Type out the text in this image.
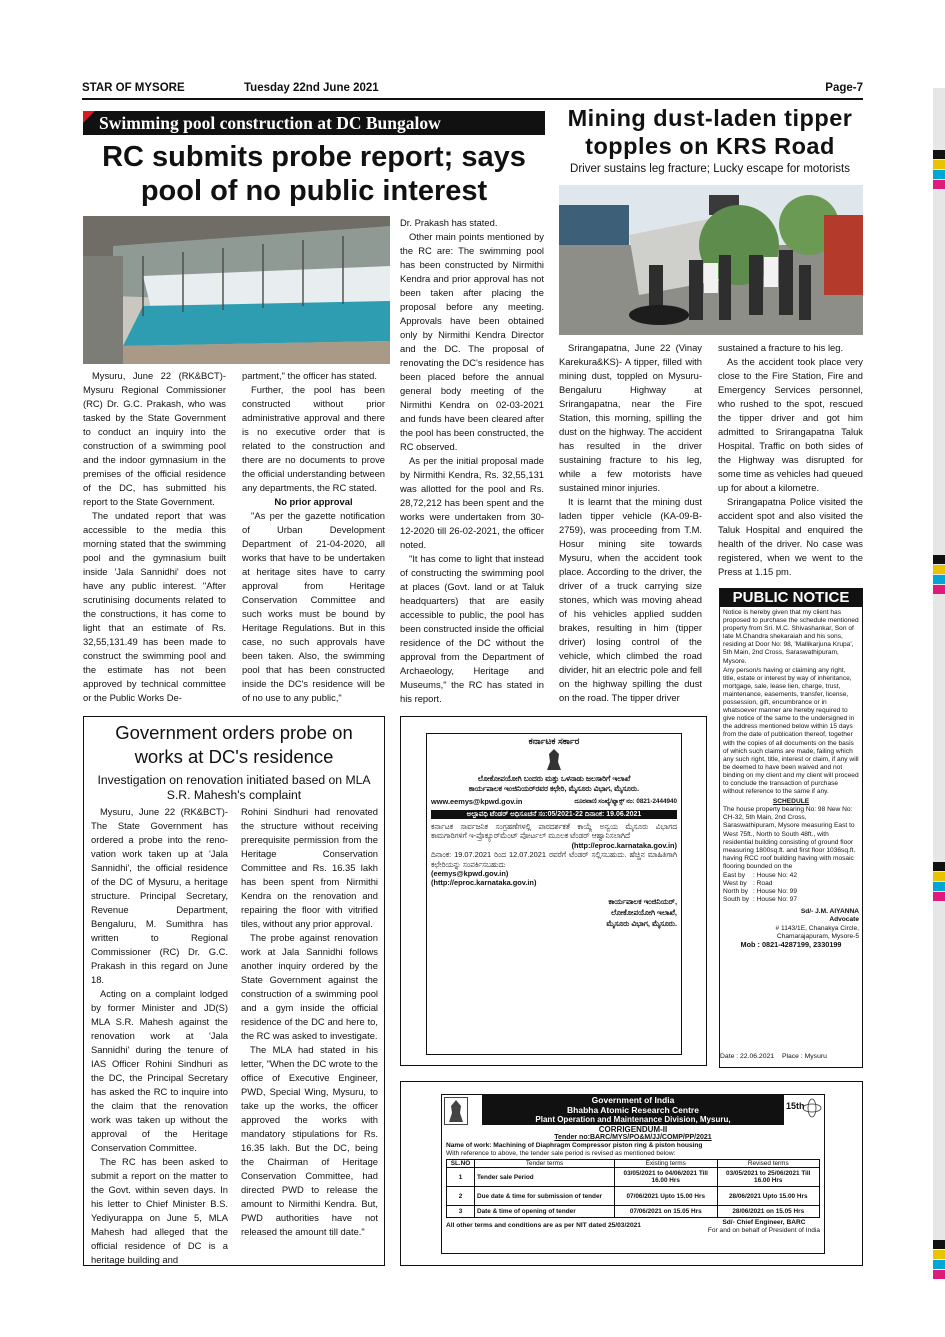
STAR OF MYSORE	Tuesday 22nd June 2021	Page-7
Swimming pool construction at DC Bungalow
RC submits probe report; says pool of no public interest

Mysuru, June 22 (RK&BCT)- Mysuru Regional Commissioner (RC) Dr. G.C. Prakash, who was tasked by the State Government to conduct an inquiry into the construction of a swimming pool and the indoor gymnasium in the premises of the official residence of the DC, has submitted his report to the State Government.

The undated report that was accessible to the media this morning stated that the swimming pool and the gymnasium built inside 'Jala Sannidhi' does not have any public interest. "After scrutinising documents related to the constructions, it has come to light that an estimate of Rs. 32,55,131.49 has been made to construct the swimming pool and the estimate has not been approved by technical committee or the Public Works De-

partment," the officer has stated.

Further, the pool has been constructed without prior administrative approval and there is no executive order that is related to the construction and there are no documents to prove the official understanding between any departments, the RC stated.

No prior approval

"As per the gazette notification of Urban Development Department of 21-04-2020, all works that have to be undertaken at heritage sites have to carry approval from Heritage Conservation Committee and such works must be bound by Heritage Regulations. But in this case, no such approvals have been taken. Also, the swimming pool that has been constructed inside the DC's residence will be of no use to any public,"

Dr. Prakash has stated.

Other main points mentioned by the RC are: The swimming pool has been constructed by Nirmithi Kendra and prior approval has not been taken after placing the proposal before any meeting. Approvals have been obtained only by Nirmithi Kendra Director and the DC. The proposal of renovating the DC's residence has been placed before the annual general body meeting of the Nirmithi Kendra on 02-03-2021 and funds have been cleared after the pool has been constructed, the RC observed.

As per the initial proposal made by Nirmithi Kendra, Rs. 32,55,131 was allotted for the pool and Rs. 28,72,212 has been spent and the works were undertaken from 30-12-2020 till 26-02-2021, the officer noted.

"It has come to light that instead of constructing the swimming pool at places (Govt. land or at Taluk headquarters) that are easily accessible to public, the pool has been constructed inside the official residence of the DC without the approval from the Department of Archaeology, Heritage and Museums," the RC has stated in his report.

Mining dust-laden tipper topples on KRS Road
Driver sustains leg fracture; Lucky escape for motorists

Srirangapatna, June 22 (Vinay Karekura&KS)- A tipper, filled with mining dust, toppled on Mysuru-Bengaluru Highway at Srirangapatna, near the Fire Station, this morning, spilling the dust on the highway. The accident has resulted in the driver sustaining fracture to his leg, while a few motorists have sustained minor injuries.

It is learnt that the mining dust laden tipper vehicle (KA-09-B-2759), was proceeding from T.M. Hosur mining site towards Mysuru, when the accident took place. According to the driver, the driver of a truck carrying size stones, which was moving ahead of his vehicles applied sudden brakes, resulting in him (tipper driver) losing control of the vehicle, which climbed the road divider, hit an electric pole and fell on the highway spilling the dust on the road. The tipper driver

sustained a fracture to his leg.

As the accident took place very close to the Fire Station, Fire and Emergency Services personnel, who rushed to the spot, rescued the tipper driver and got him admitted to Srirangapatna Taluk Hospital. Traffic on both sides of the Highway was disrupted for some time as vehicles had queued up for about a kilometre.

Srirangapatna Police visited the accident spot and also visited the Taluk Hospital and enquired the health of the driver. No case was registered, when we went to the Press at 1.15 pm.

PUBLIC NOTICE

Notice is hereby given that my client has proposed to purchase the schedule mentioned property from Sri. M.C. Shivashankar, Son of late M.Chandra shekaraiah and his sons, residing at Door No: 98, 'Mallikarjuna Krupa', 5th Main, 2nd Cross, Saraswathipuram, Mysore.

Any person/s having or claiming any right, title, estate or interest by way of inheritance, mortgage, sale, lease lien, charge, trust, maintenance, easements, transfer, license, possession, gift, encumbrance or in whatsoever manner are hereby required to give notice of the same to the undersigned in the address mentioned below within 15 days from the date of publication thereof, together with the copies of all documents on the basis of which such claims are made, failing which any such right, title, interest or claim, if any will be deemed to have been waived and not binding on my client and my client will proceed to conclude the transaction of purchase without reference to the same if any.

SCHEDULE

The house property bearing No: 98 New No: CH-32, 5th Main, 2nd Cross, Saraswathipuram, Mysore measuring East to West 75ft., North to South 48ft., with residential building consisting of ground floor measuring 1800sq.ft. and first floor 1036sq.ft. having RCC roof building having with mosaic flooring bounded on the

East by : House No: 42
West by : Road
North by : House No: 99
South by : House No: 97
Sd/- J.M. AIYANNA
Advocate
# 1143/1E, Chanakya Circle,
Chamarajapuram, Mysore-5
Mob : 0821-4287199, 2330199
Date : 22.06.2021 Place : Mysuru
Government orders probe on works at DC's residence
Investigation on renovation initiated based on MLA S.R. Mahesh's complaint

Mysuru, June 22 (RK&BCT)- The State Government has ordered a probe into the reno-vation work taken up at 'Jala Sannidhi', the official residence of the DC of Mysuru, a heritage structure. Principal Secretary, Revenue Department, Bengaluru, M. Sumithra has written to Regional Commissioner (RC) Dr. G.C. Prakash in this regard on June 18.

Acting on a complaint lodged by former Minister and JD(S) MLA S.R. Mahesh against the renovation work at 'Jala Sannidhi' during the tenure of IAS Officer Rohini Sindhuri as the DC, the Principal Secretary has asked the RC to inquire into the claim that the renovation work was taken up without the approval of the Heritage Conservation Committee.

The RC has been asked to submit a report on the matter to the Govt. within seven days. In his letter to Chief Minister B.S. Yediyurappa on June 5, MLA Mahesh had alleged that the official residence of DC is a heritage building and

Rohini Sindhuri had renovated the structure without receiving prerequisite permission from the Heritage Conservation Committee and Rs. 16.35 lakh has been spent from Nirmithi Kendra on the renovation and repairing the floor with vitrified tiles, without any prior approval.

The probe against renovation work at Jala Sannidhi follows another inquiry ordered by the State Government against the construction of a swimming pool and a gym inside the official residence of the DC and here to, the RC was asked to investigate.

The MLA had stated in his letter, "When the DC wrote to the office of Executive Engineer, PWD, Special Wing, Mysuru, to take up the works, the officer approved the works with mandatory stipulations for Rs. 16.35 lakh. But the DC, being the Chairman of Heritage Conservation Committee, had directed PWD to release the amount to Nirmithi Kendra. But, PWD authorities have not released the amount till date."

ಕರ್ನಾಟಕ ಸರ್ಕಾರ
ಲೋಕೋಪಯೋಗಿ ಬಂದರು ಮತ್ತು ಒಳನಾಡು ಜಲಸಾರಿಗೆ ಇಲಾಖೆ
ಕಾರ್ಯಪಾಲಕ ಇಂಜಿನಿಯರ್‌ರವರ ಕಛೇರಿ, ಮೈಸೂರು ವಿಭಾಗ, ಮೈಸೂರು.
www.eemys@kpwd.gov.in	ದೂರವಾಣಿ ಸಂಖ್ಯೆ/ಫ್ಯಾಕ್ಸ್ ನಂ: 0821-2444940
ಅಲ್ಪಾವಧಿ ಟೆಂಡರ್ ಅಧಿಸೂಚನೆ ಸಂ:05/2021-22 ದಿನಾಂಕ: 19.06.2021

ಕರ್ನಾಟಕ ಸಾರ್ವಜನಿಕ ಸಂಗ್ರಹಣೆಗಳಲ್ಲಿ ಪಾರದರ್ಶಕತೆ ಕಾಯ್ದೆ ಅನ್ವಯ ಮೈಸೂರು ವಿಭಾಗದ ಕಾಮಗಾರಿಗಳಿಗೆ ಇ-ಪ್ರೊಕ್ಯೂರ್‌ಮೆಂಟ್ ಪೋರ್ಟಲ್ ಮೂಲಕ ಟೆಂಡರ್ ಆಹ್ವಾನಿಸಲಾಗಿದೆ

(http://eproc.karnataka.gov.in)

ದಿನಾಂಕ: 19.07.2021 ರಿಂದ 12.07.2021 ರವರೆಗೆ ಟೆಂಡರ್ ಸಲ್ಲಿಸಬಹುದು. ಹೆಚ್ಚಿನ ಮಾಹಿತಿಗಾಗಿ ಕಛೇರಿಯನ್ನು ಸಂಪರ್ಕಿಸಬಹುದು

(eemys@kpwd.gov.in)

(http://eproc.karnataka.gov.in)

ಕಾರ್ಯಪಾಲಕ ಇಂಜಿನಿಯರ್,
ಲೋಕೋಪಯೋಗಿ ಇಲಾಖೆ,
ಮೈಸೂರು ವಿಭಾಗ, ಮೈಸೂರು.
15th
Government of India
Bhabha Atomic Research Centre
Plant Operation and Maintenance Division, Mysuru,
CORRIGENDUM-II
Tender no:BARC/MYS/PO&M/JJ/COMP/PP/2021
Name of work: Machining of Diaphragm Compressor piston ring & piston housing
With reference to above, the tender sale period is revised as mentioned below:
SL.NO	Tender terms	Existing terms	Revised terms
1	Tender sale Period	03/05/2021 to 04/06/2021 Till 16.00 Hrs	03/05/2021 to 25/06/2021 Till 16.00 Hrs
2	Due date & time for submission of tender	07/06/2021 Upto 15.00 Hrs	28/06/2021 Upto 15.00 Hrs
3	Date & time of opening of tender	07/06/2021 on 15.05 Hrs	28/06/2021 on 15.05 Hrs
All other terms and conditions are as per NIT dated 25/03/2021	Sd/- Chief Engineer, BARC
For and on behalf of President of India
